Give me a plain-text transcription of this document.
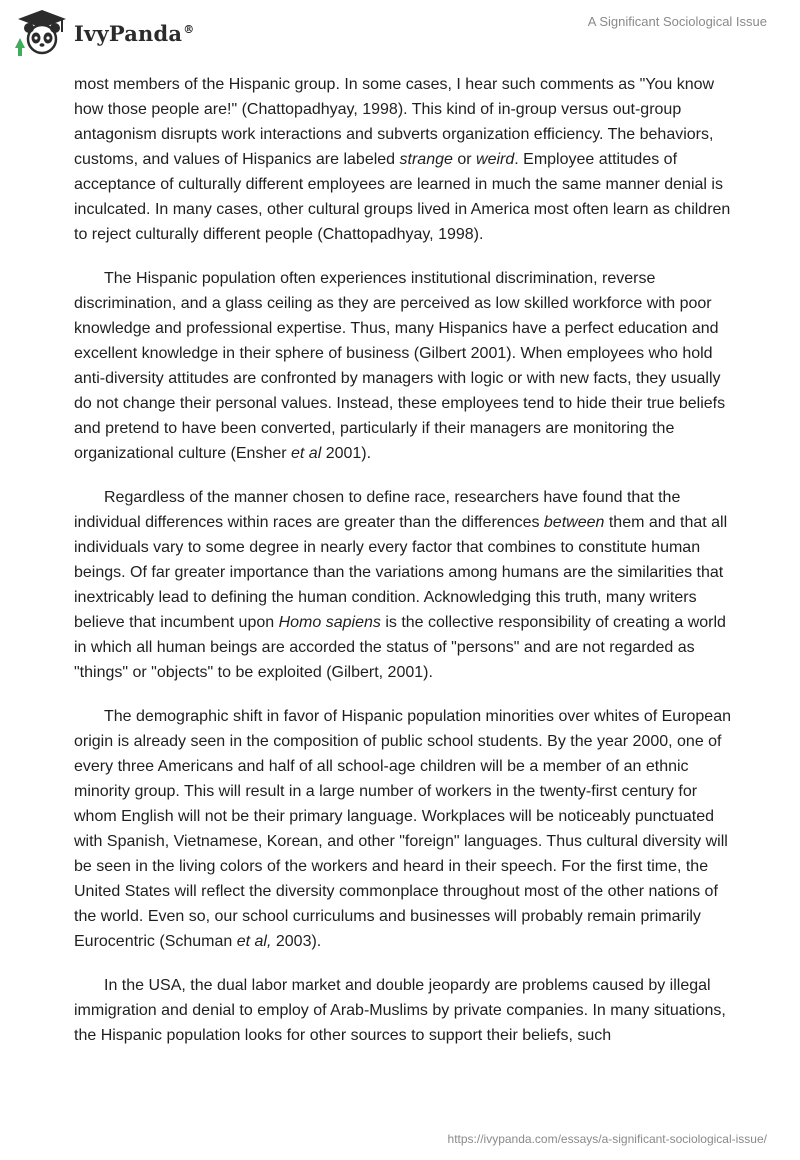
IvyPanda®	A Significant Sociological Issue

most members of the Hispanic group. In some cases, I hear such comments as "You know how those people are!" (Chattopadhyay, 1998). This kind of in-group versus out-group antagonism disrupts work interactions and subverts organization efficiency. The behaviors, customs, and values of Hispanics are labeled strange or weird. Employee attitudes of acceptance of culturally different employees are learned in much the same manner denial is inculcated. In many cases, other cultural groups lived in America most often learn as children to reject culturally different people (Chattopadhyay, 1998).

The Hispanic population often experiences institutional discrimination, reverse discrimination, and a glass ceiling as they are perceived as low skilled workforce with poor knowledge and professional expertise. Thus, many Hispanics have a perfect education and excellent knowledge in their sphere of business (Gilbert 2001). When employees who hold anti-diversity attitudes are confronted by managers with logic or with new facts, they usually do not change their personal values. Instead, these employees tend to hide their true beliefs and pretend to have been converted, particularly if their managers are monitoring the organizational culture (Ensher et al 2001).

Regardless of the manner chosen to define race, researchers have found that the individual differences within races are greater than the differences between them and that all individuals vary to some degree in nearly every factor that combines to constitute human beings. Of far greater importance than the variations among humans are the similarities that inextricably lead to defining the human condition. Acknowledging this truth, many writers believe that incumbent upon Homo sapiens is the collective responsibility of creating a world in which all human beings are accorded the status of "persons" and are not regarded as "things" or "objects" to be exploited (Gilbert, 2001).

The demographic shift in favor of Hispanic population minorities over whites of European origin is already seen in the composition of public school students. By the year 2000, one of every three Americans and half of all school-age children will be a member of an ethnic minority group. This will result in a large number of workers in the twenty-first century for whom English will not be their primary language. Workplaces will be noticeably punctuated with Spanish, Vietnamese, Korean, and other "foreign" languages. Thus cultural diversity will be seen in the living colors of the workers and heard in their speech. For the first time, the United States will reflect the diversity commonplace throughout most of the other nations of the world. Even so, our school curriculums and businesses will probably remain primarily Eurocentric (Schuman et al, 2003).

In the USA, the dual labor market and double jeopardy are problems caused by illegal immigration and denial to employ of Arab-Muslims by private companies. In many situations, the Hispanic population looks for other sources to support their beliefs, such

https://ivypanda.com/essays/a-significant-sociological-issue/
